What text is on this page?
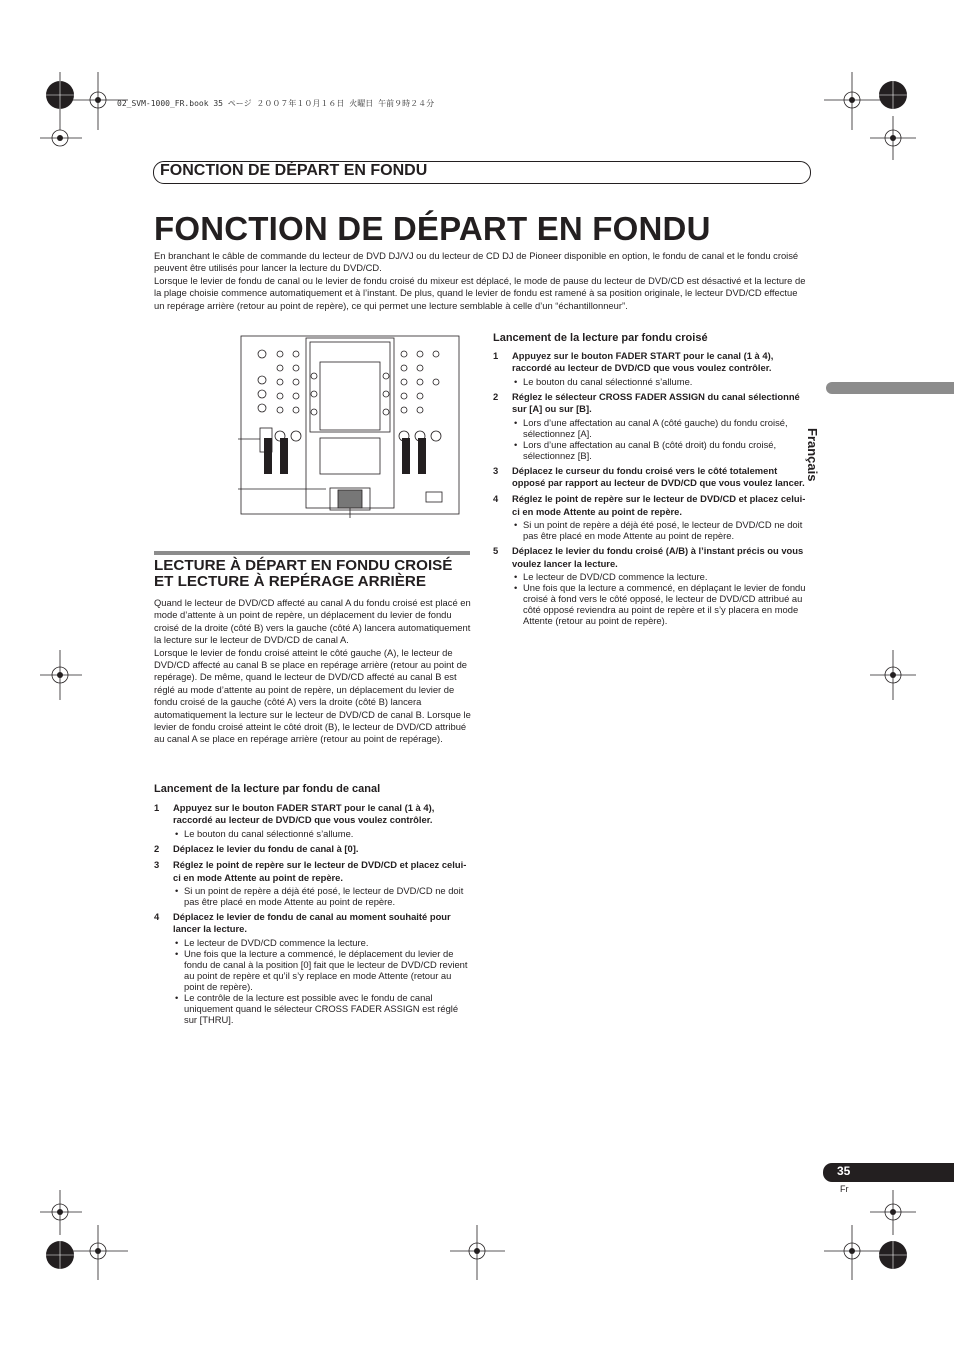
02_SVM-1000_FR.book 35 ページ ２００７年１０月１６日 火曜日 午前９時２４分
FONCTION DE DÉPART EN FONDU
FONCTION DE DÉPART EN FONDU

En branchant le câble de commande du lecteur de DVD DJ/VJ ou du lecteur de CD DJ de Pioneer disponible en option, le fondu de canal et le fondu croisé peuvent être utilisés pour lancer la lecture du DVD/CD.

Lorsque le levier de fondu de canal ou le levier de fondu croisé du mixeur est déplacé, le mode de pause du lecteur de DVD/CD est désactivé et la lecture de la plage choisie commence automatiquement et à l’instant. De plus, quand le levier de fondu est ramené à sa position originale, le lecteur DVD/CD effectue un repérage arrière (retour au point de repère), ce qui permet une lecture semblable à celle d’un “échantillonneur”.

Français
LECTURE À DÉPART EN FONDU CROISÉ ET LECTURE À REPÉRAGE ARRIÈRE

Quand le lecteur de DVD/CD affecté au canal A du fondu croisé est placé en mode d’attente à un point de repère, un déplacement du levier de fondu croisé de la droite (côté B) vers la gauche (côté A) lancera automatiquement la lecture sur le lecteur de DVD/CD de canal A.

Lorsque le levier de fondu croisé atteint le côté gauche (A), le lecteur de DVD/CD affecté au canal B se place en repérage arrière (retour au point de repérage). De même, quand le lecteur de DVD/CD affecté au canal B est réglé au mode d’attente au point de repère, un déplacement du levier de fondu croisé de la gauche (côté A) vers la droite (côté B) lancera automatiquement la lecture sur le lecteur de DVD/CD de canal B. Lorsque le levier de fondu croisé atteint le côté droit (B), le lecteur de DVD/CD attribué au canal A se place en repérage arrière (retour au point de repérage).

Lancement de la lecture par fondu de canal
1 Appuyez sur le bouton FADER START pour le canal (1 à 4), raccordé au lecteur de DVD/CD que vous voulez contrôler.
• Le bouton du canal sélectionné s’allume.
2 Déplacez le levier du fondu de canal à [0].
3 Réglez le point de repère sur le lecteur de DVD/CD et placez celui-ci en mode Attente au point de repère.
• Si un point de repère a déjà été posé, le lecteur de DVD/CD ne doit pas être placé en mode Attente au point de repère.
4 Déplacez le levier de fondu de canal au moment souhaité pour lancer la lecture.
• Le lecteur de DVD/CD commence la lecture.
• Une fois que la lecture a commencé, le déplacement du levier de fondu de canal à la position [0] fait que le lecteur de DVD/CD revient au point de repère et qu’il s’y replace en mode Attente (retour au point de repère).
• Le contrôle de la lecture est possible avec le fondu de canal uniquement quand le sélecteur CROSS FADER ASSIGN est réglé sur [THRU].
Lancement de la lecture par fondu croisé
1 Appuyez sur le bouton FADER START pour le canal (1 à 4), raccordé au lecteur de DVD/CD que vous voulez contrôler.
• Le bouton du canal sélectionné s’allume.
2 Réglez le sélecteur CROSS FADER ASSIGN du canal sélectionné sur [A] ou sur [B].
• Lors d’une affectation au canal A (côté gauche) du fondu croisé, sélectionnez [A].
• Lors d’une affectation au canal B (côté droit) du fondu croisé, sélectionnez [B].
3 Déplacez le curseur du fondu croisé vers le côté totalement opposé par rapport au lecteur de DVD/CD que vous voulez lancer.
4 Réglez le point de repère sur le lecteur de DVD/CD et placez celui-ci en mode Attente au point de repère.
• Si un point de repère a déjà été posé, le lecteur de DVD/CD ne doit pas être placé en mode Attente au point de repère.
5 Déplacez le levier du fondu croisé (A/B) à l’instant précis ou vous voulez lancer la lecture.
• Le lecteur de DVD/CD commence la lecture.
• Une fois que la lecture a commencé, en déplaçant le levier de fondu croisé à fond vers le côté opposé, le lecteur de DVD/CD attribué au côté opposé reviendra au point de repère et il s’y placera en mode Attente (retour au point de repère).
35
Fr
